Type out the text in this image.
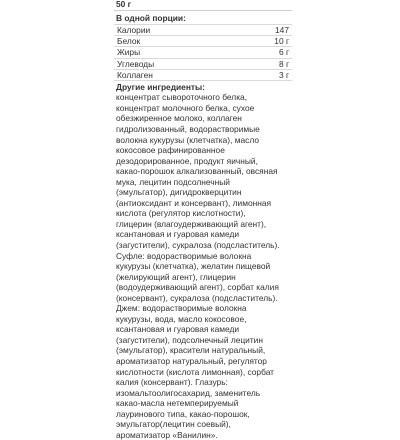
50 г
В одной порции:
Калории	147
Белок	10 г
Жиры	6 г
Углеводы	8 г
Коллаген	3 г
Другие ингредиенты:
концентрат сывороточного белка,
концентрат молочного белка, сухое
обезжиренное молоко, коллаген
гидролизованный, водорастворимые
волокна кукурузы (клетчатка), масло
кокосовое рафинированное
дезодорированное, продукт яичный,
какао-порошок алкализованный, овсяная
мука, лецитин подсолнечный
(эмульгатор), дигидрокверцитин
(антиоксидант и консервант), лимонная
кислота (регулятор кислотности),
глицерин (влагоудерживающий агент),
ксантановая и гуаровая камеди
(загустители), сукралоза (подсластитель).
Суфле: водорастворимые волокна
кукурузы (клетчатка), желатин пищевой
(желирующий агент), глицерин
(водоудерживающий агент), сорбат калия
(консервант), сукралоза (подсластитель).
Джем: водорастворимые волокна
кукурузы, вода, масло кокосовое,
ксантановая и гуаровая камеди
(загустители), подсолнечный лецитин
(эмульгатор), красители натуральный,
ароматизатор натуральный, регулятор
кислотности (кислота лимонная), сорбат
калия (консервант). Глазурь:
изомальтоолигосахарид, заменитель
какао-масла нетемперируемый
лауринового типа, какао-порошок,
эмульгатор(лецитин соевый),
ароматизатор «Ванилин».
